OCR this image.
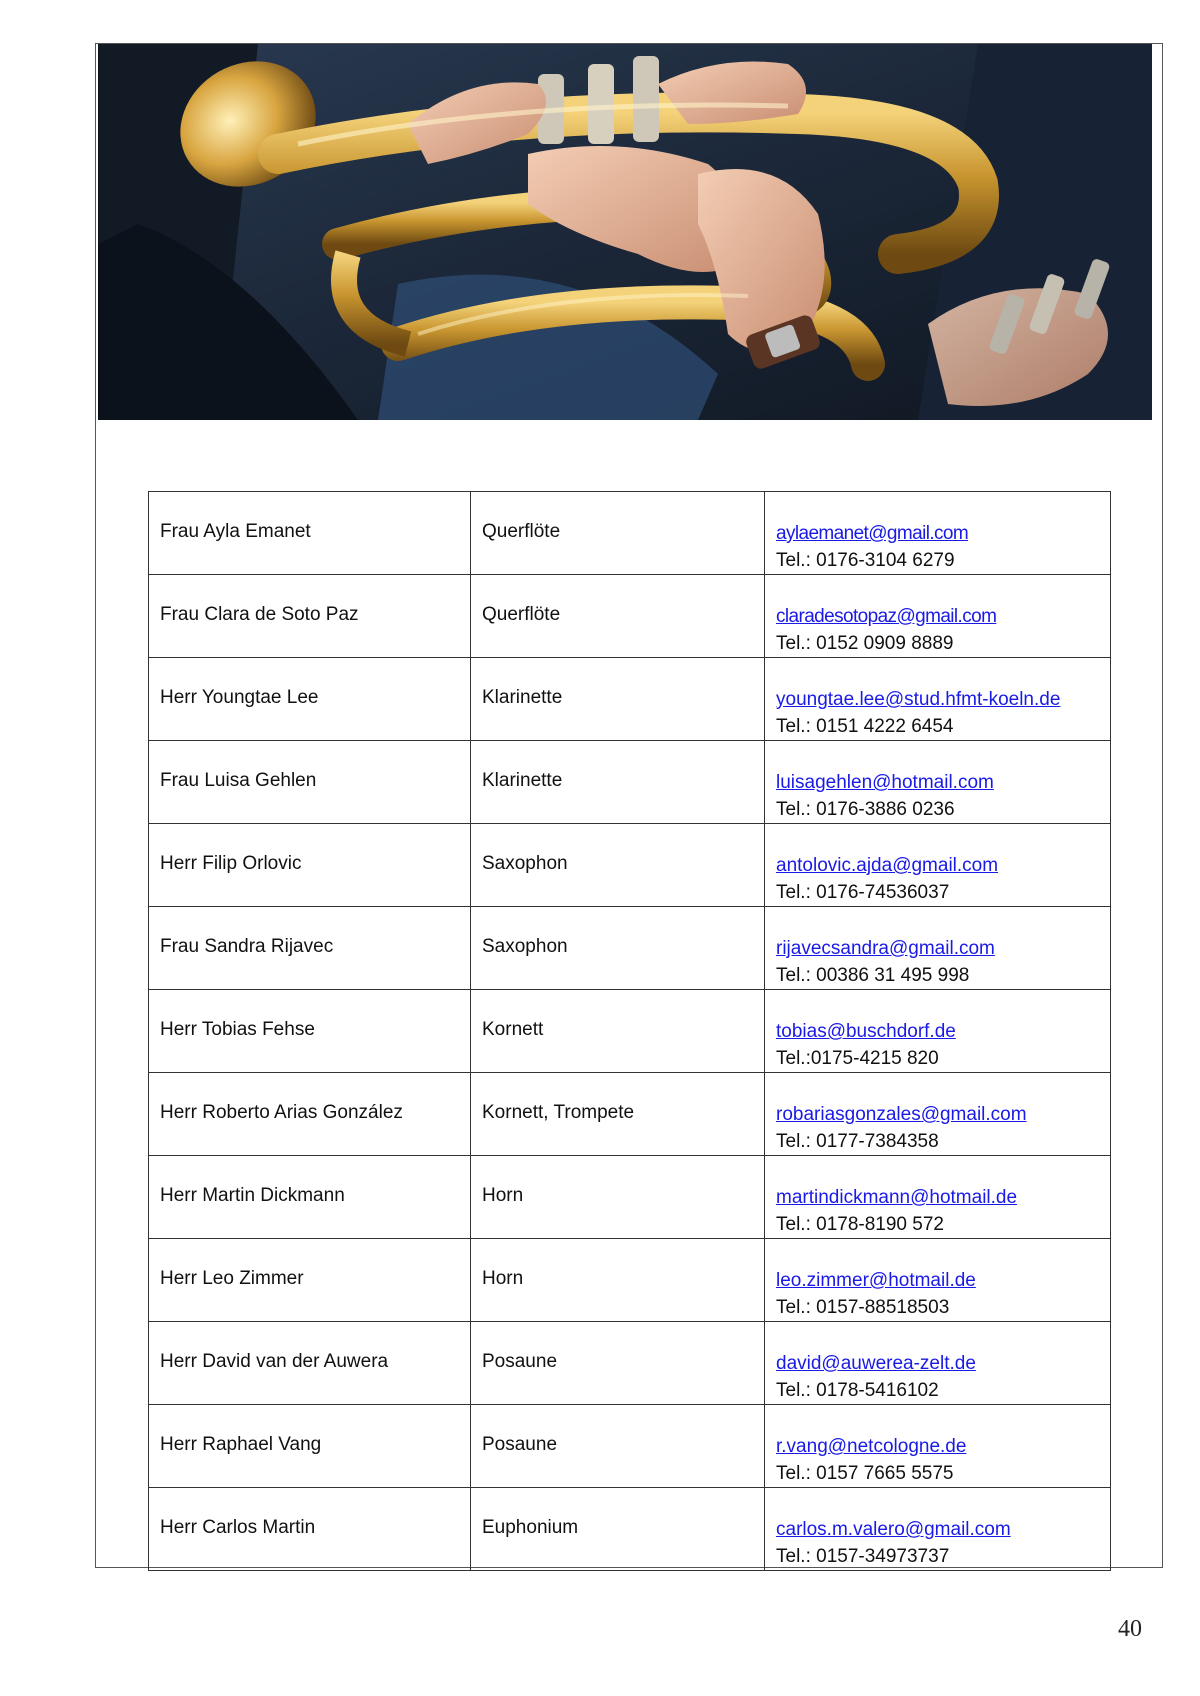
Frau Ayla Emanet	Querflöte	aylaemanet@gmail.com
Tel.: 0176-3104 6279

Frau Clara de Soto Paz	Querflöte	claradesotopaz@gmail.com
Tel.: 0152 0909 8889

Herr Youngtae Lee	Klarinette	youngtae.lee@stud.hfmt-koeln.de
Tel.: 0151 4222 6454

Frau Luisa Gehlen	Klarinette	luisagehlen@hotmail.com
Tel.: 0176-3886 0236

Herr Filip Orlovic	Saxophon	antolovic.ajda@gmail.com
Tel.: 0176-74536037

Frau Sandra Rijavec	Saxophon	rijavecsandra@gmail.com
Tel.: 00386 31 495 998

Herr Tobias Fehse	Kornett	tobias@buschdorf.de
Tel.:0175-4215 820

Herr Roberto Arias González	Kornett, Trompete	robariasgonzales@gmail.com
Tel.: 0177-7384358

Herr Martin Dickmann	Horn	martindickmann@hotmail.de
Tel.: 0178-8190 572

Herr Leo Zimmer	Horn	leo.zimmer@hotmail.de
Tel.: 0157-88518503

Herr David van der Auwera	Posaune	david@auwerea-zelt.de
Tel.: 0178-5416102

Herr Raphael Vang	Posaune	r.vang@netcologne.de
Tel.: 0157 7665 5575

Herr Carlos Martin	Euphonium	carlos.m.valero@gmail.com
Tel.: 0157-34973737
40
